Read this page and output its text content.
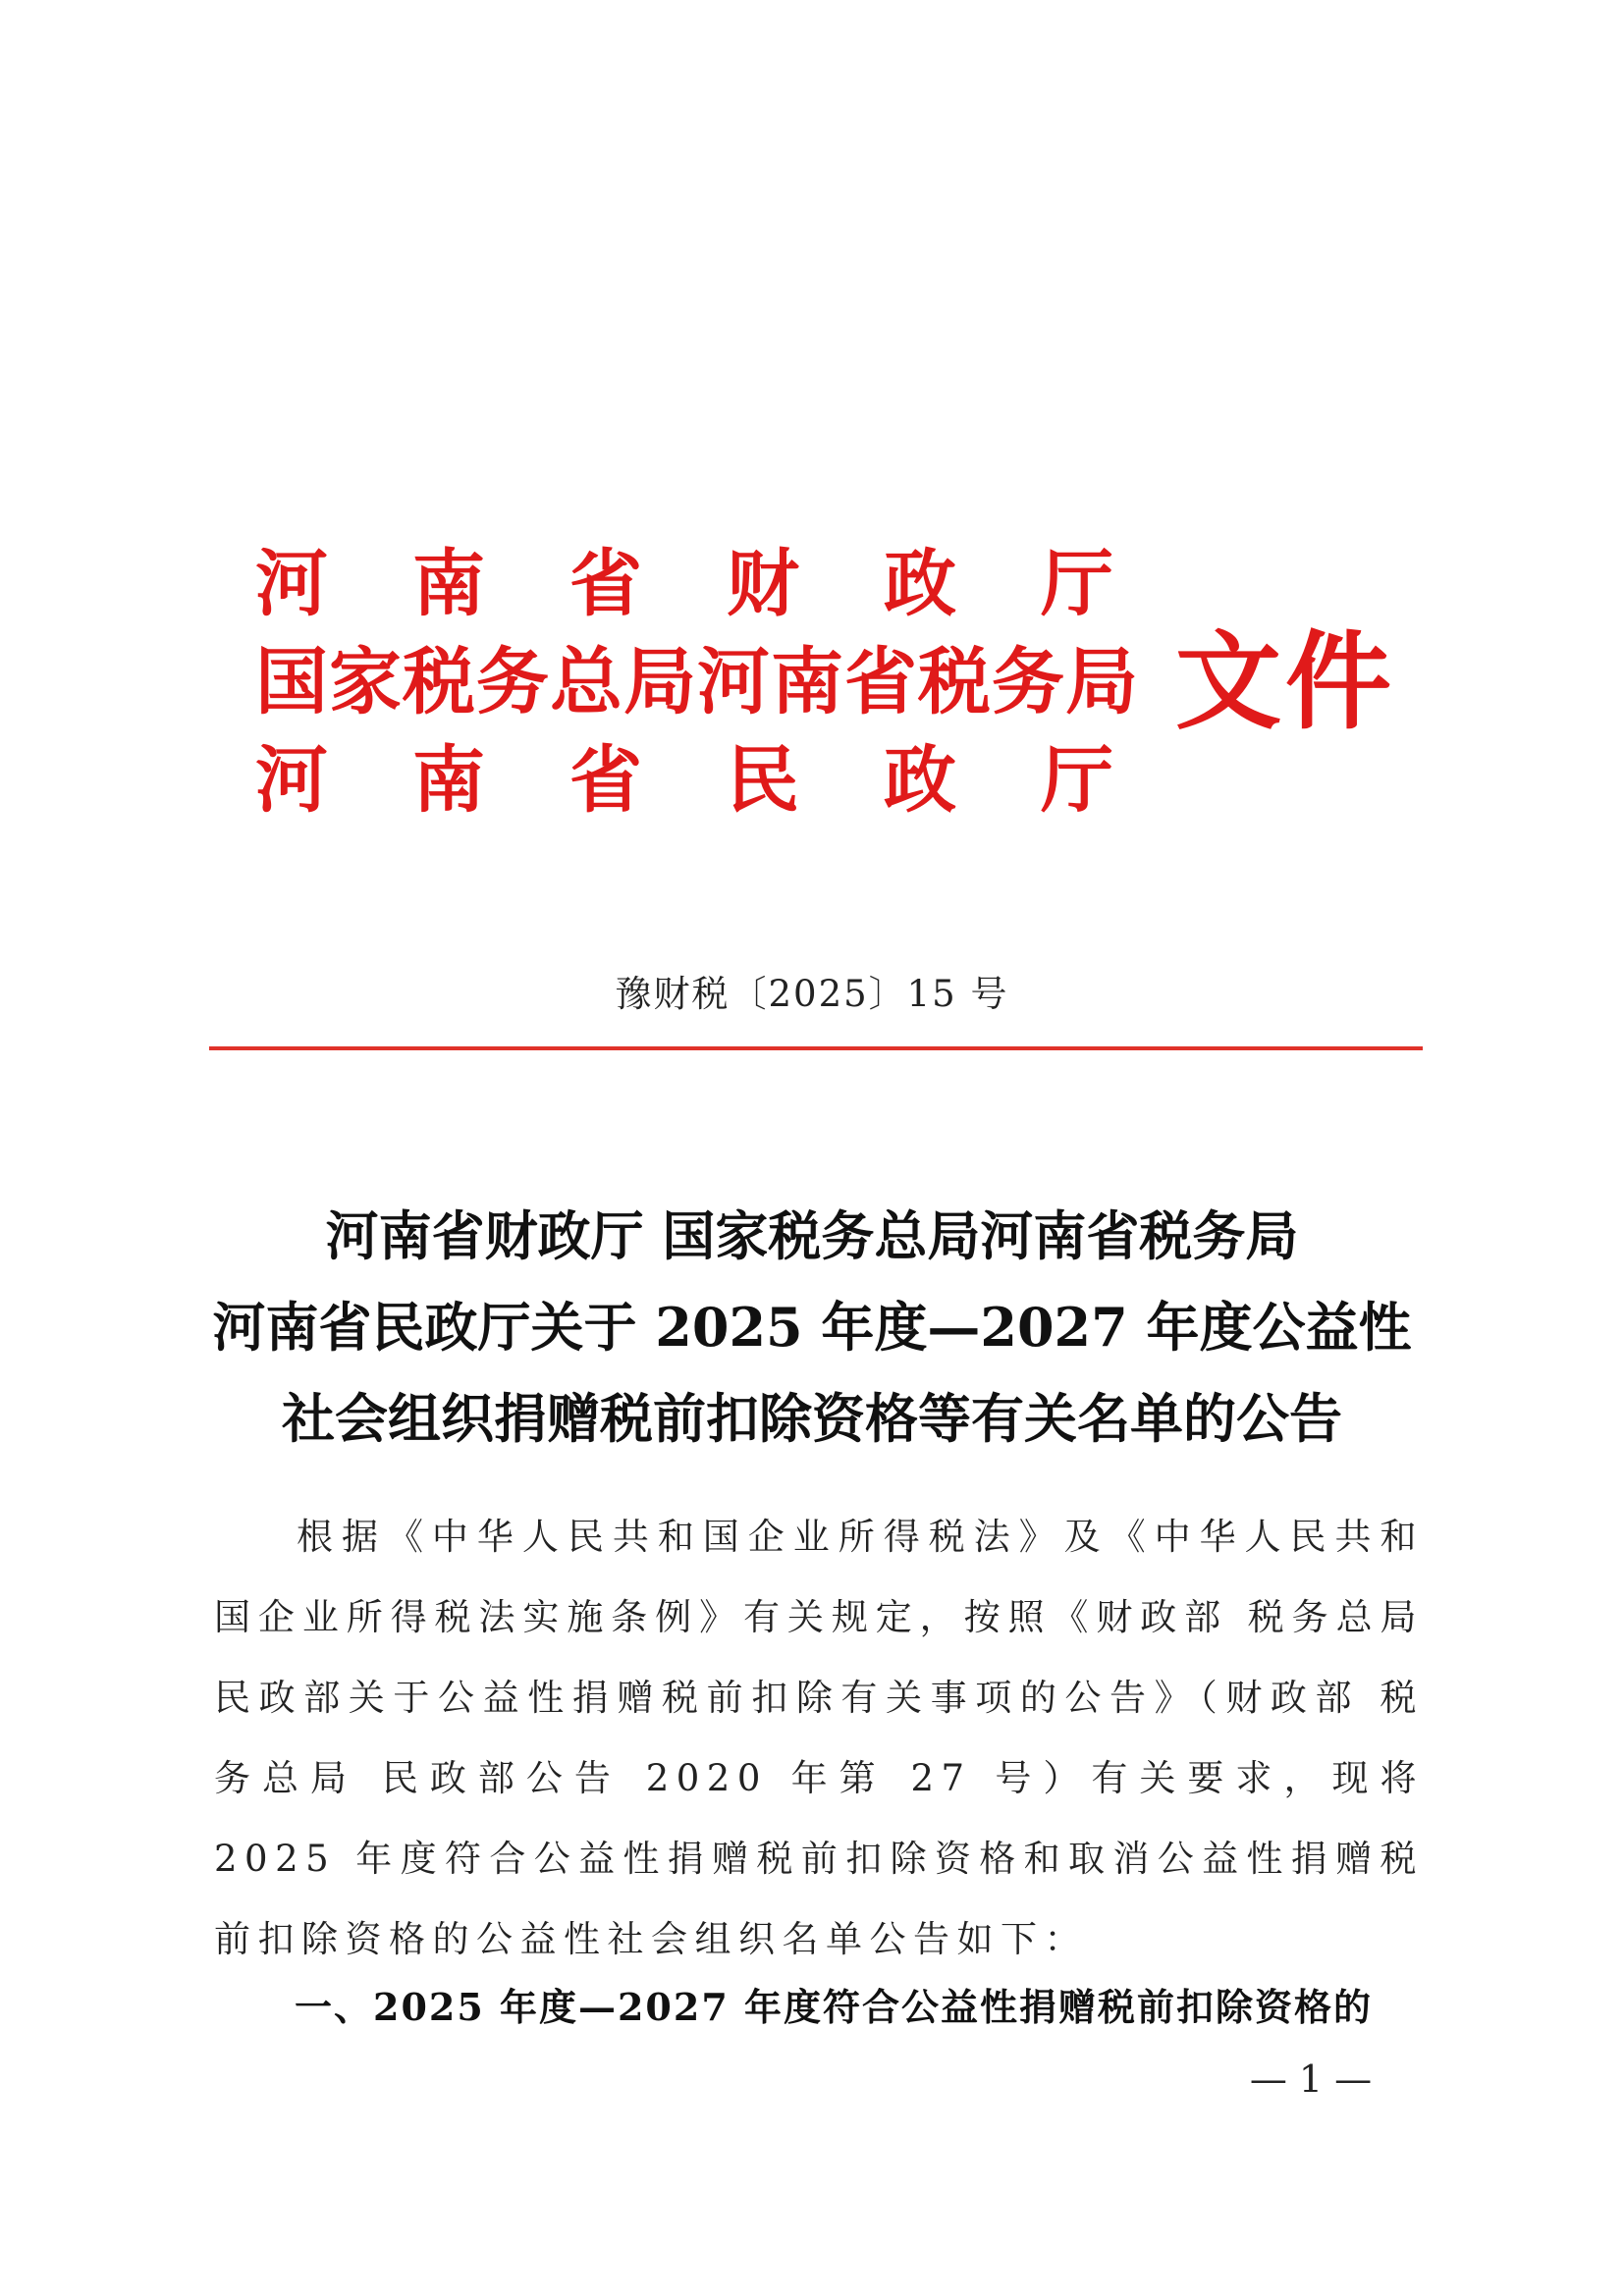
河南省财政厅
国家税务总局河南省税务局
河南省民政厅
文件
豫财税〔2025〕15 号
河南省财政厅 国家税务总局河南省税务局
河南省民政厅关于 2025 年度—2027 年度公益性
社会组织捐赠税前扣除资格等有关名单的公告

根据《中华人民共和国企业所得税法》及《中华人民共和国企业所得税法实施条例》有关规定，按照《财政部 税务总局 民政部关于公益性捐赠税前扣除有关事项的公告》（财政部 税务总局 民政部公告 2020 年第 27 号）有关要求，现将 2025 年度符合公益性捐赠税前扣除资格和取消公益性捐赠税前扣除资格的公益性社会组织名单公告如下：

一、2025 年度—2027 年度符合公益性捐赠税前扣除资格的
— 1 —
